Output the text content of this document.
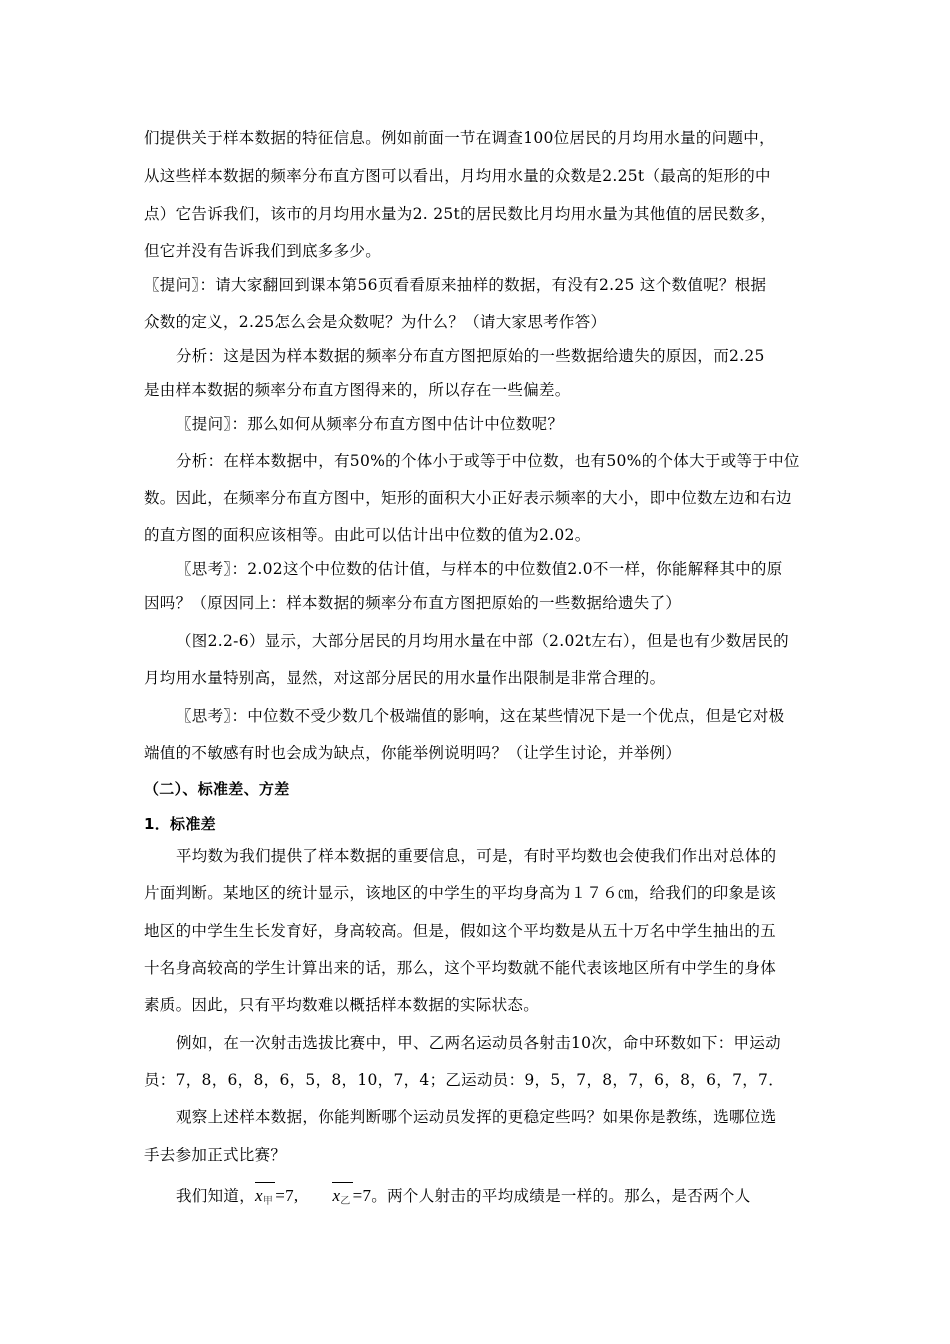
们提供关于样本数据的特征信息。例如前面一节在调查100位居民的月均用水量的问题中，
从这些样本数据的频率分布直方图可以看出，月均用水量的众数是2.25t（最高的矩形的中
点）它告诉我们，该市的月均用水量为2. 25t的居民数比月均用水量为其他值的居民数多，
但它并没有告诉我们到底多多少。
〖提问〗：请大家翻回到课本第56页看看原来抽样的数据，有没有2.25 这个数值呢？根据
众数的定义，2.25怎么会是众数呢？为什么？（请大家思考作答）
分析：这是因为样本数据的频率分布直方图把原始的一些数据给遗失的原因，而2.25
是由样本数据的频率分布直方图得来的，所以存在一些偏差。
〖提问〗：那么如何从频率分布直方图中估计中位数呢？
分析：在样本数据中，有50%的个体小于或等于中位数，也有50%的个体大于或等于中位
数。因此，在频率分布直方图中，矩形的面积大小正好表示频率的大小，即中位数左边和右边
的直方图的面积应该相等。由此可以估计出中位数的值为2.02。
〖思考〗：2.02这个中位数的估计值，与样本的中位数值2.0不一样，你能解释其中的原
因吗？（原因同上：样本数据的频率分布直方图把原始的一些数据给遗失了）
（图2.2-6）显示，大部分居民的月均用水量在中部（2.02t左右），但是也有少数居民的
月均用水量特别高，显然，对这部分居民的用水量作出限制是非常合理的。
〖思考〗：中位数不受少数几个极端值的影响，这在某些情况下是一个优点，但是它对极
端值的不敏感有时也会成为缺点，你能举例说明吗？（让学生讨论，并举例）
（二）、标准差、方差
1．标准差
平均数为我们提供了样本数据的重要信息，可是，有时平均数也会使我们作出对总体的
片面判断。某地区的统计显示，该地区的中学生的平均身高为１７６㎝，给我们的印象是该
地区的中学生生长发育好，身高较高。但是，假如这个平均数是从五十万名中学生抽出的五
十名身高较高的学生计算出来的话，那么，这个平均数就不能代表该地区所有中学生的身体
素质。因此，只有平均数难以概括样本数据的实际状态。
例如，在一次射击选拔比赛中，甲、乙两名运动员各射击10次，命中环数如下：甲运动
员：7，8，6，8，6，5，8，10，7，4；乙运动员：9，5，7，8，7，6，8，6，7，7．
观察上述样本数据，你能判断哪个运动员发挥的更稳定些吗？如果你是教练，选哪位选
手去参加正式比赛？
我们知道，x甲 =7, x乙 =7。两个人射击的平均成绩是一样的。那么，是否两个人
